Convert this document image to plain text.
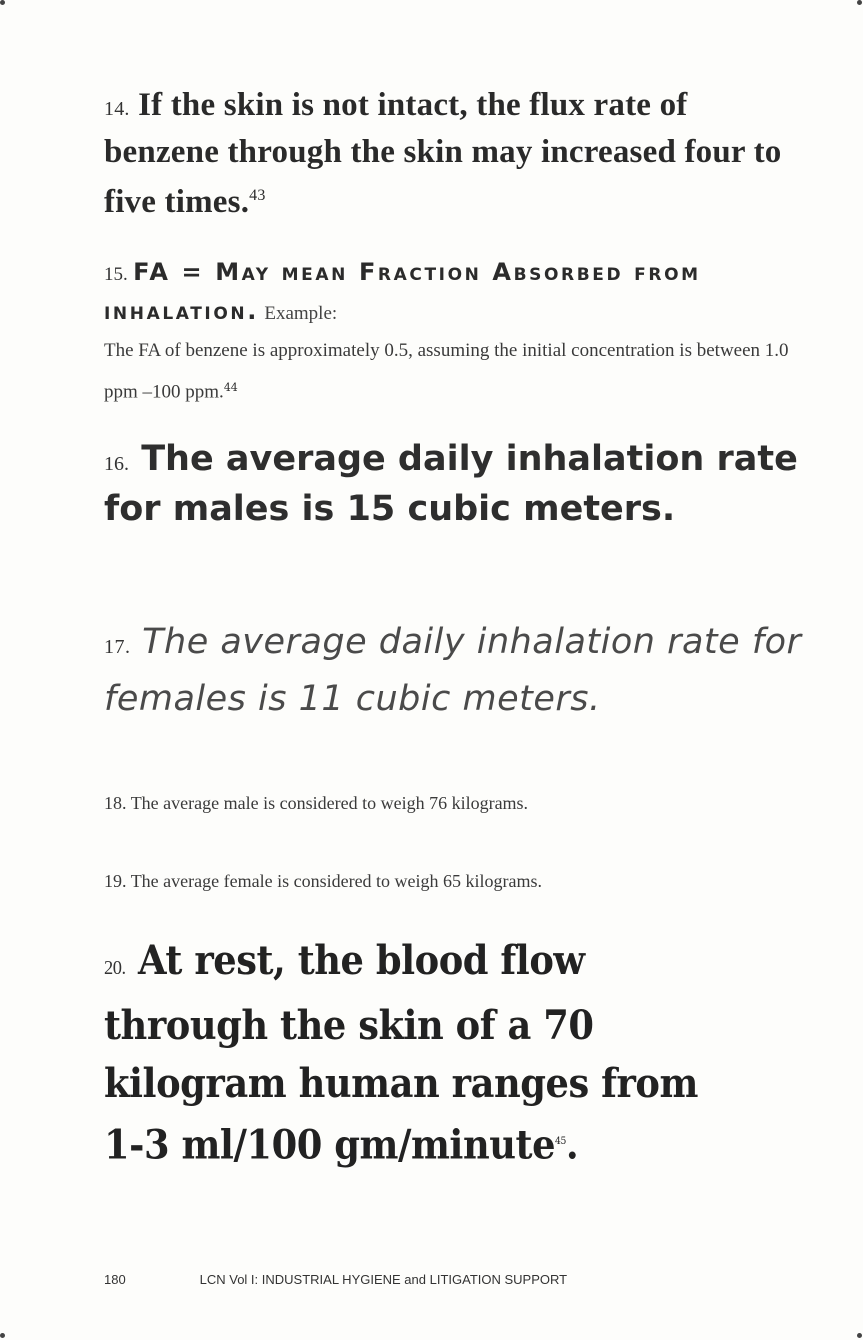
14. If the skin is not intact, the flux rate of benzene through the skin may increased four to five times.$^{43}$

15. FA = May mean Fraction Absorbed from inhalation. Example:
The FA of benzene is approximately 0.5, assuming the initial concentration is between 1.0 ppm –100 ppm.$^{44}$

16. The average daily inhalation rate for males is 15 cubic meters.

17. The average daily inhalation rate for females is 11 cubic meters.

18. The average male is considered to weigh 76 kilograms.

19. The average female is considered to weigh 65 kilograms.

20. At rest, the blood flow through the skin of a 70 kilogram human ranges from 1-3 ml/100 gm/minute$^{45}$.

180	LCN Vol I: INDUSTRIAL HYGIENE and LITIGATION SUPPORT
